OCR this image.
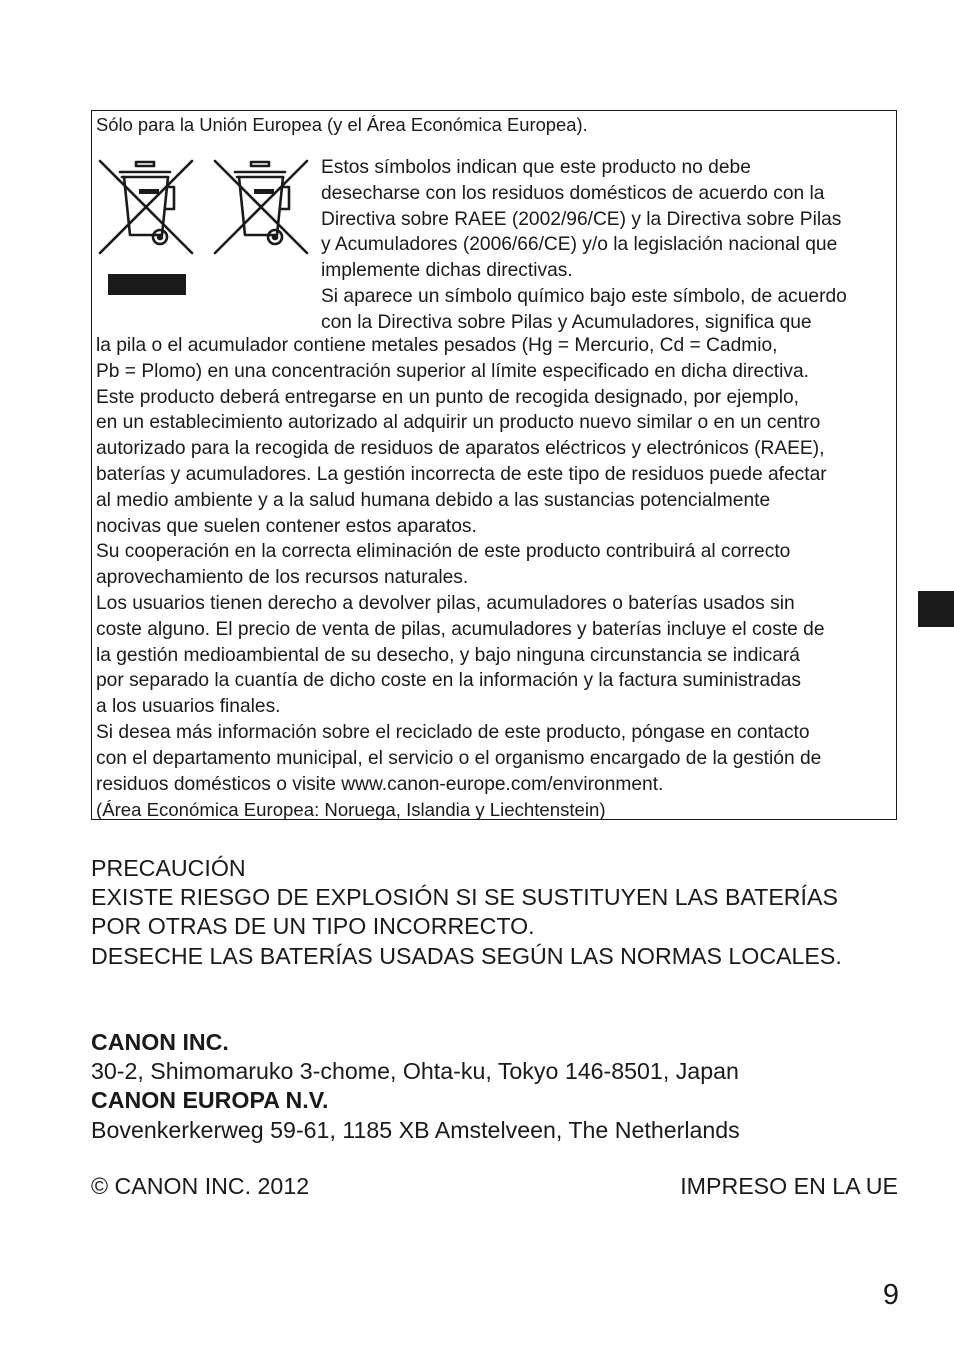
Sólo para la Unión Europea (y el Área Económica Europea).
Estos símbolos indican que este producto no debe
desecharse con los residuos domésticos de acuerdo con la
Directiva sobre RAEE (2002/96/CE) y la Directiva sobre Pilas
y Acumuladores (2006/66/CE) y/o la legislación nacional que
implemente dichas directivas.
Si aparece un símbolo químico bajo este símbolo, de acuerdo
con la Directiva sobre Pilas y Acumuladores, significa que
la pila o el acumulador contiene metales pesados (Hg = Mercurio, Cd = Cadmio,
Pb = Plomo) en una concentración superior al límite especificado en dicha directiva.
Este producto deberá entregarse en un punto de recogida designado, por ejemplo,
en un establecimiento autorizado al adquirir un producto nuevo similar o en un centro
autorizado para la recogida de residuos de aparatos eléctricos y electrónicos (RAEE),
baterías y acumuladores. La gestión incorrecta de este tipo de residuos puede afectar
al medio ambiente y a la salud humana debido a las sustancias potencialmente
nocivas que suelen contener estos aparatos.
Su cooperación en la correcta eliminación de este producto contribuirá al correcto
aprovechamiento de los recursos naturales.
Los usuarios tienen derecho a devolver pilas, acumuladores o baterías usados sin
coste alguno. El precio de venta de pilas, acumuladores y baterías incluye el coste de
la gestión medioambiental de su desecho, y bajo ninguna circunstancia se indicará
por separado la cuantía de dicho coste en la información y la factura suministradas
a los usuarios finales.
Si desea más información sobre el reciclado de este producto, póngase en contacto
con el departamento municipal, el servicio o el organismo encargado de la gestión de
residuos domésticos o visite www.canon-europe.com/environment.
(Área Económica Europea: Noruega, Islandia y Liechtenstein)
PRECAUCIÓN
EXISTE RIESGO DE EXPLOSIÓN SI SE SUSTITUYEN LAS BATERÍAS
POR OTRAS DE UN TIPO INCORRECTO.
DESECHE LAS BATERÍAS USADAS SEGÚN LAS NORMAS LOCALES.
CANON INC.
30-2, Shimomaruko 3-chome, Ohta-ku, Tokyo 146-8501, Japan
CANON EUROPA N.V.
Bovenkerkerweg 59-61, 1185 XB Amstelveen, The Netherlands
© CANON INC. 2012	IMPRESO EN LA UE
9
